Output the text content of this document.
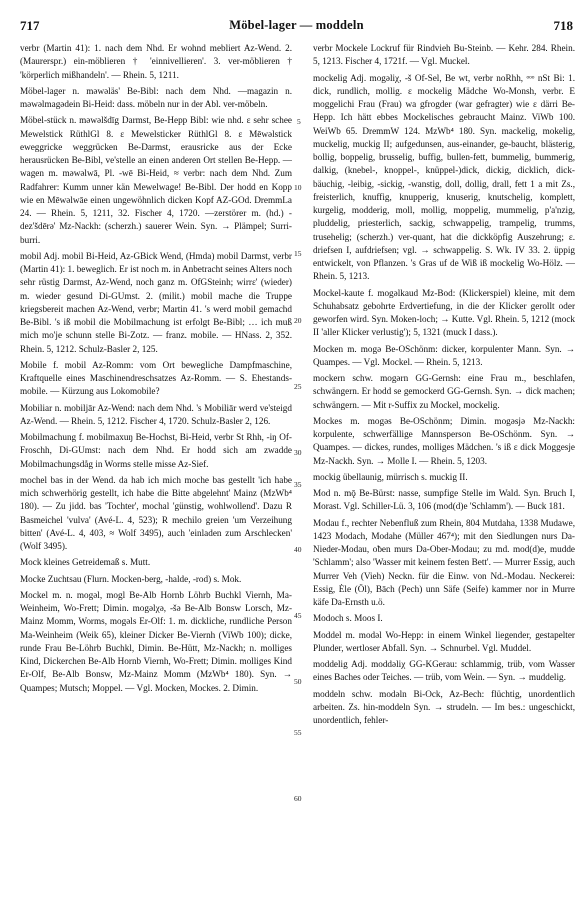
717	Möbel-lager — moddeln	718

verbr (Martin 41): 1. nach dem Nhd. Er wohnd mebliert Az-Wend. 2. (Maurerspr.) ein-möblieren † 'einnivellieren'. 3. ver-möblieren † 'körperlich mißhandeln'. — Rhein. 5, 1211.

Möbel-lager n. məwəläs' Be-Bibl: nach dem Nhd. —magazin n. məwəlmagədein Bi-Heid: dass. möbeln nur in der Abl. ver-möbeln.

Möbel-stück n. məwəlšdīg Darmst, Be-Hepp Bibl: wie nhd. ε sehr schee Mewelstick RüthlGl 8. ε Mewelsticker RüthlGl 8. ε Mēwəlstick eweggricke weggrücken Be-Darmst, erausricke aus der Ecke herausrücken Be-Bibl, ve'stelle an einen anderen Ort stellen Be-Hepp. —wagen m. məwəlwā, Pl. -wē Bi-Heid, ≈ verbr: nach dem Nhd. Zum Radfahrer: Kumm unner kän Mewelwage! Be-Bibl. Der hodd en Kopp wie en Mēwəlwāe einen ungewöhnlich dicken Kopf AZ-GOd. DremmLa 24. — Rhein. 5, 1211, 32. Fischer 4, 1720. —zerstörer m. (hd.) -dez'šdērə' Mz-Nackh: (scherzh.) sauerer Wein. Syn. → Plämpel; Surri-burri.

mobil Adj. mobil Bi-Heid, Az-GBick Wend, (Hmda) mobil Darmst, verbr (Martin 41): 1. beweglich. Er ist noch m. in Anbetracht seines Alters noch sehr rüstig Darmst, Az-Wend, noch ganz m. OfGSteinh; wirrε' (wieder) m. wieder gesund Di-GUmst. 2. (milit.) mobil mache die Truppe kriegsbereit machen Az-Wend, verbr; Martin 41. 's werd mobil gemachd Be-Bibl. 's iß mobil die Mobilmachung ist erfolgt Be-Bibl; … ich muß mich mo'je schunn stelle Bi-Zotz. — franz. mobile. — HNass. 2, 352. Rhein. 5, 1212. Schulz-Basler 2, 125.

Mobile f. mobil Az-Romm: vom Ort bewegliche Dampfmaschine, Kraftquelle eines Maschinendreschsatzes Az-Romm. — S. Ehestands-mobile. — Kürzung aus Lokomobile?

Mobiliar n. mobiljār Az-Wend: nach dem Nhd. 's Mobiliār werd ve'steigd Az-Wend. — Rhein. 5, 1212. Fischer 4, 1720. Schulz-Basler 2, 126.

Mobilmachung f. mobilmaxuŋ Be-Hochst, Bi-Heid, verbr St Rhh, -iŋ Of-Froschh, Di-GUmst: nach dem Nhd. Er hodd sich am zwadde Mobilmachungsdåg in Worms stelle misse Az-Sief.

mochel bas in der Wend. da hab ich mich moche bas gestellt 'ich habe mich schwerhörig gestellt, ich habe die Bitte abgelehnt' Mainz (MzWb⁴ 180). — Zu jidd. bas 'Tochter', mochal 'günstig, wohlwollend'. Dazu R Basmeichel 'vulva' (Avé-L. 4, 523); R mechilo greien 'um Verzeihung bitten' (Avé-L. 4, 403, ≈ Wolf 3495), auch 'einladen zum Arschlecken' (Wolf 3495).

Mock kleines Getreidemaß s. Mutt.

Mocke Zuchtsau (Flurn. Mocken-berg, -halde, -rod) s. Mok.

Mockel m. n. mogəl, mogl Be-Alb Hornb Löhrb Buchkl Viernh, Ma-Weinheim, Wo-Frett; Dimin. mogəlχə, -šə Be-Alb Bonsw Lorsch, Mz-Mainz Momm, Worms, mogəls Er-Olf: 1. m. dickliche, rundliche Person Ma-Weinheim (Weik 65), kleiner Dicker Be-Viernh (ViWb 100); dicke, runde Frau Be-Löhrb Buchkl, Dimin. Be-Hütt, Mz-Nackh; n. molliges Kind, Dickerchen Be-Alb Hornb Viernh, Wo-Frett; Dimin. molliges Kind Er-Olf, Be-Alb Bonsw, Mz-Mainz Momm (MzWb⁴ 180). Syn. → Quampes; Mutsch; Moppel. — Vgl. Mocken, Mockes. 2. Dimin.

5
10
15
20
25
30
35
40
45
50
55
60

verbr Mockele Lockruf für Rindvieh Bu-Steinb. — Kehr. 284. Rhein. 5, 1213. Fischer 4, 1721f. — Vgl. Muckel.

mockelig Adj. mogəliχ, -š Of-Sel, Be wt, verbr noRhh, ᵒᵒᵒ nSt Bi: 1. dick, rundlich, mollig. ε mockelig Mädche Wo-Monsh, verbr. E moggelichi Frau (Frau) wa gfrogder (war gefragter) wie ε därri Be-Hepp. Ich hätt ebbes Mockelisches gebraucht Mainz. ViWb 100. WeiWb 65. DremmW 124. MzWb⁴ 180. Syn. mackelig, mokelig, muckelig, muckig II; aufgedunsen, aus-einander, ge-baucht, blästerig, bollig, boppelig, brusselig, buffig, bullen-fett, bummelig, bummerig, dalkig, (knebel-, knoppel-, knüppel-)dick, dickig, dicklich, dick-bäuchig, -leibig, -sickig, -wanstig, doll, dollig, drall, fett 1 a mit Zs., freisterlich, knuffig, knupperig, knuserig, knutschelig, komplett, kurgelig, modderig, moll, mollig, moppelig, mummelig, p'a'nzig, pluddelig, priesterlich, sackig, schwappelig, trampelig, trumms, trusehelig; (scherzh.) ver-quant, hat die dickköpfig Auszehrung; ε. driefsen I, aufdriefsen; vgl. → schwappelig. S. Wk. IV 33. 2. üppig entwickelt, von Pflanzen. 's Gras uf de Wiß iß mockelig Wo-Hölz. — Rhein. 5, 1213.

Mockel-kaute f. mogəlkaud Mz-Bod: (Klickerspiel) kleine, mit dem Schuhabsatz gebohrte Erdvertiefung, in die der Klicker gerollt oder geworfen wird. Syn. Moken-loch; → Kutte. Vgl. Rhein. 5, 1212 (mock II 'aller Klicker verlustig'); 5, 1321 (muck I dass.).

Mocken m. mogə Be-OSchönm: dicker, korpulenter Mann. Syn. → Quampes. — Vgl. Mockel. — Rhein. 5, 1213.

mockern schw. mogərn GG-Gernsh: eine Frau m., beschlafen, schwängern. Er hodd se gemockerd GG-Gernsh. Syn. → dick machen; schwängern. — Mit r-Suffix zu Mockel, mockelig.

Mockes m. mogəs Be-OSchönm; Dimin. mogəsjə Mz-Nackh: korpulente, schwerfällige Mannsperson Be-OSchönm. Syn. → Quampes. — dickes, rundes, molliges Mädchen. 's iß ε dick Moggesje Mz-Nackh. Syn. → Molle I. — Rhein. 5, 1203.

mockig übellaunig, mürrisch s. muckig II.

Mod n. mǭ Be-Bürst: nasse, sumpfige Stelle im Wald. Syn. Bruch I, Morast. Vgl. Schiller-Lü. 3, 106 (mod(d)e 'Schlamm'). — Buck 181.

Modau f., rechter Nebenfluß zum Rhein, 804 Mutdaha, 1338 Mudawe, 1423 Modach, Modahe (Müller 467⁴); mit den Siedlungen nurs Da-Nieder-Modau, oƀen murs Da-Ober-Modau; zu md. mod(d)e, mudde 'Schlamm'; also 'Wasser mit keinem festen Bett'. — Murrer Essig, auch Murrer Veh (Vieh) Neckn. für die Einw. von Nd.-Modau. Neckerei: Essig, Ėle (Öl), Bāch (Pech) unn Säfe (Seife) kammer nor in Murre käfe Da-Ernsth u.ö.

Modoch s. Moos I.

Moddel m. modəl Wo-Hepp: in einem Winkel liegender, gestapelter Plunder, wertloser Abfall. Syn. → Schnurbel. Vgl. Muddel.

moddelig Adj. moddəliχ GG-KGerau: schlammig, trüb, vom Wasser eines Baches oder Teiches. — trüb, vom Wein. — Syn. → muddelig.

moddeln schw. modəln Bi-Ock, Az-Bech: flüchtig, unordentlich arbeiten. Zs. hin-moddeln Syn. → strudeln. — Im bes.: ungeschickt, unordentlich, fehler-
